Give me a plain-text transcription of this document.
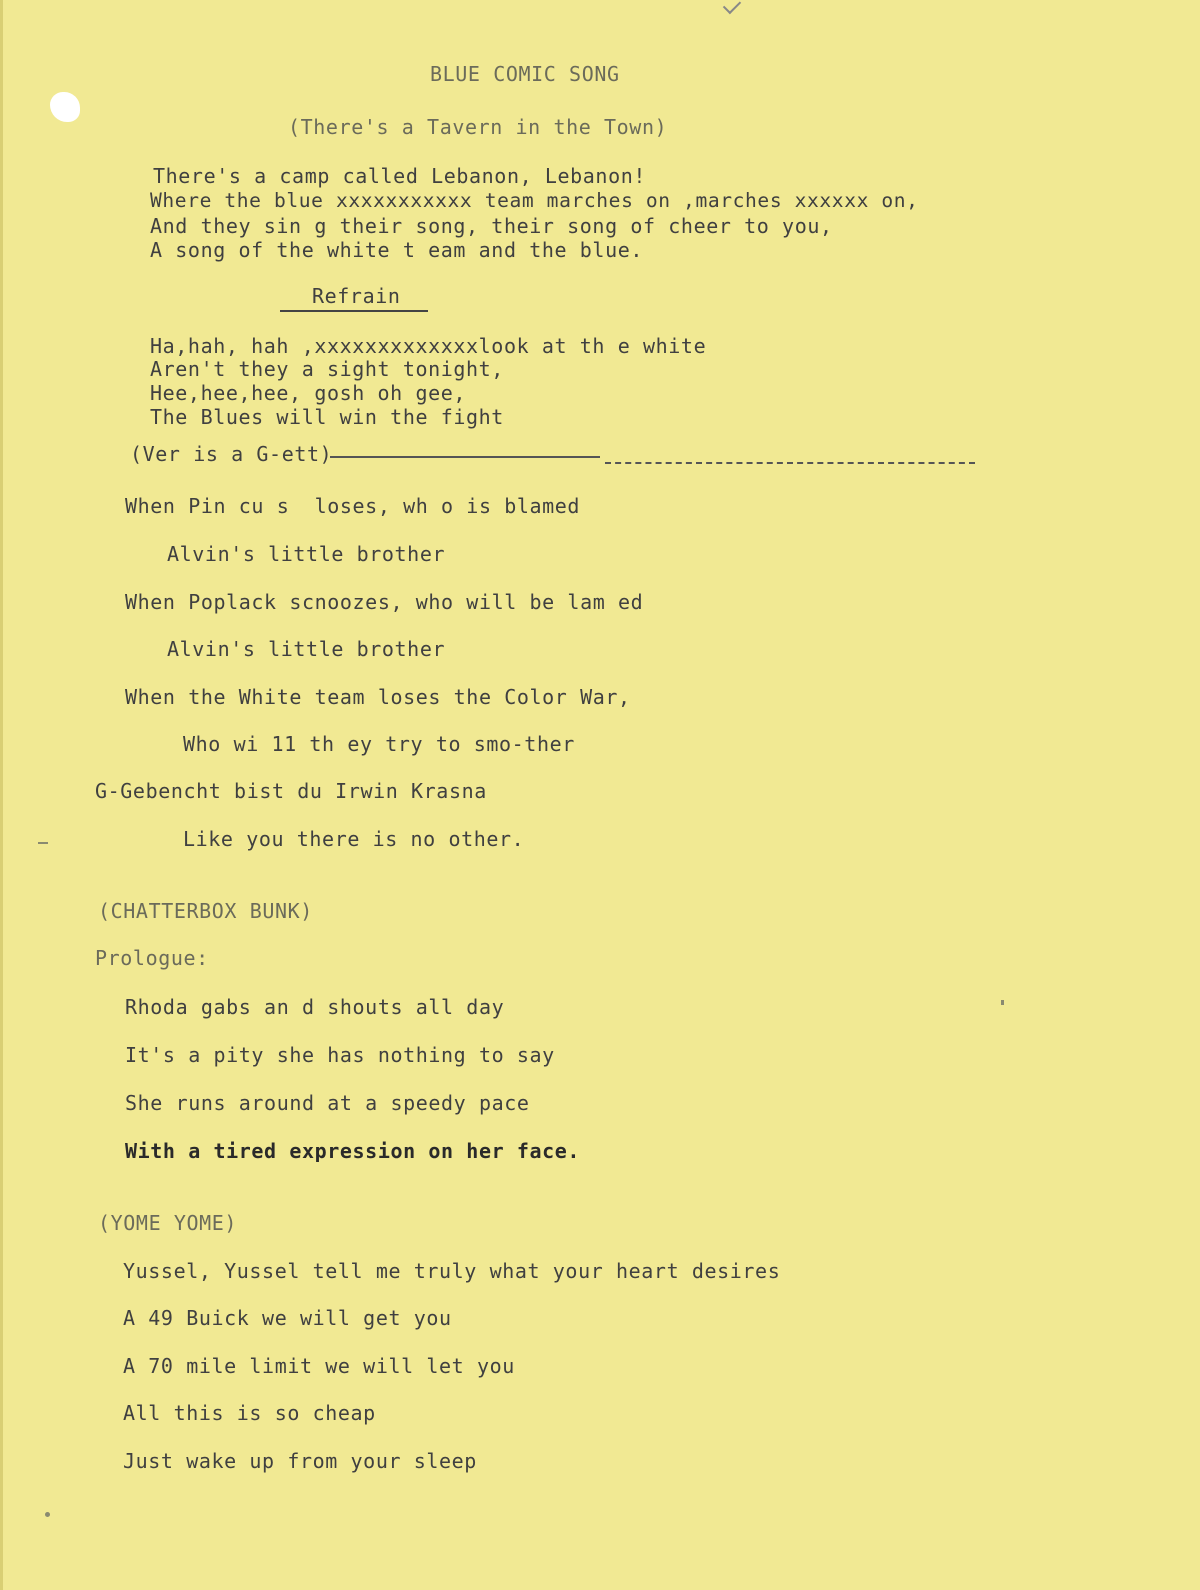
BLUE COMIC SONG
(There's a Tavern in the Town)
There's a camp called Lebanon, Lebanon!
Where the blue xxxxxxxxxxx team marches on ,marches xxxxxx on,
And they sin g their song, their song of cheer to you,
A song of the white t eam and the blue.
Refrain
Ha,hah, hah ,xxxxxxxxxxxxxlook at th e white
Aren't they a sight tonight,
Hee,hee,hee, gosh oh gee,
The Blues will win the fight
(Ver is a G-ett)
When Pin cu s  loses, wh o is blamed
Alvin's little brother
When Poplack scnoozes, who will be lam ed
Alvin's little brother
When the White team loses the Color War,
Who wi 11 th ey try to smo-ther
G-Gebencht bist du Irwin Krasna
Like you there is no other.
(CHATTERBOX BUNK)
Prologue:
Rhoda gabs an d shouts all day
It's a pity she has nothing to say
She runs around at a speedy pace
With a tired expression on her face.
(YOME YOME)
Yussel, Yussel tell me truly what your heart desires
A 49 Buick we will get you
A 70 mile limit we will let you
All this is so cheap
Just wake up from your sleep
